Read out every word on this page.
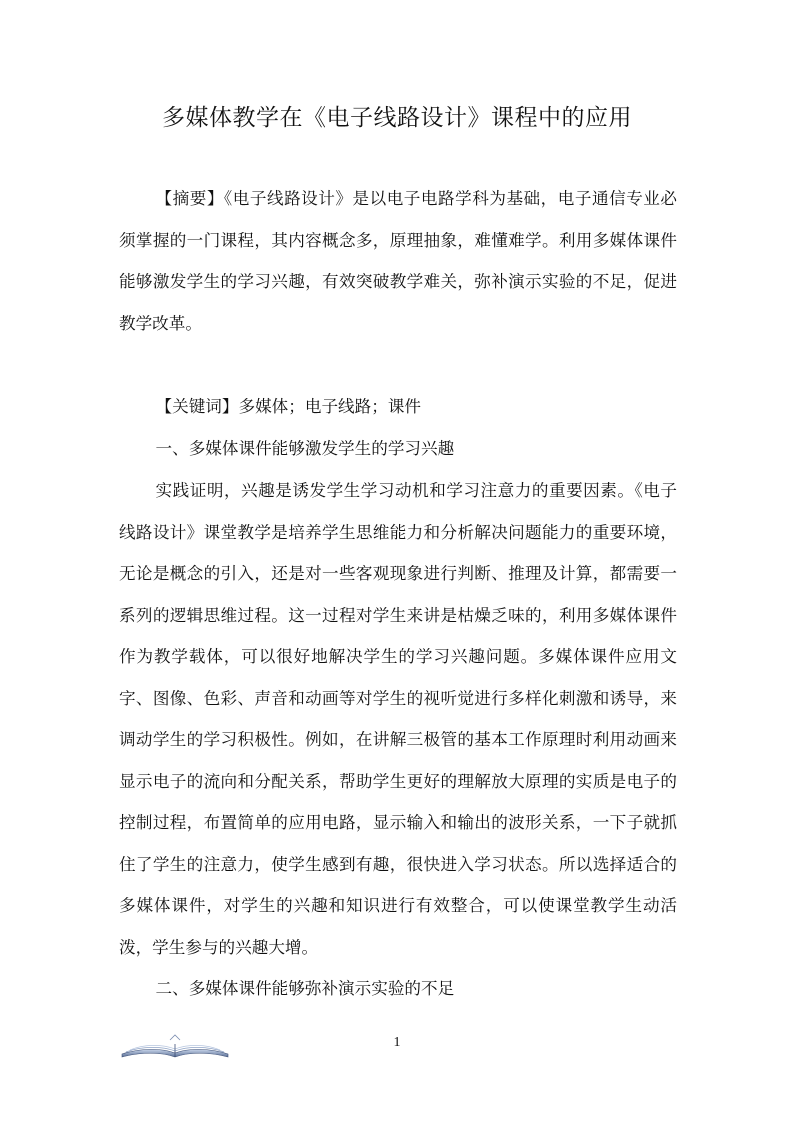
多媒体教学在《电子线路设计》课程中的应用

【摘要】《电子线路设计》是以电子电路学科为基础，电子通信专业必须掌握的一门课程，其内容概念多，原理抽象，难懂难学。利用多媒体课件能够激发学生的学习兴趣，有效突破教学难关，弥补演示实验的不足，促进教学改革。

【关键词】多媒体；电子线路；课件

一、多媒体课件能够激发学生的学习兴趣

实践证明，兴趣是诱发学生学习动机和学习注意力的重要因素。《电子线路设计》课堂教学是培养学生思维能力和分析解决问题能力的重要环境，无论是概念的引入，还是对一些客观现象进行判断、推理及计算，都需要一系列的逻辑思维过程。这一过程对学生来讲是枯燥乏味的，利用多媒体课件作为教学载体，可以很好地解决学生的学习兴趣问题。多媒体课件应用文字、图像、色彩、声音和动画等对学生的视听觉进行多样化刺激和诱导，来调动学生的学习积极性。例如，在讲解三极管的基本工作原理时利用动画来显示电子的流向和分配关系，帮助学生更好的理解放大原理的实质是电子的控制过程，布置简单的应用电路，显示输入和输出的波形关系，一下子就抓住了学生的注意力，使学生感到有趣，很快进入学习状态。所以选择适合的多媒体课件，对学生的兴趣和知识进行有效整合，可以使课堂教学生动活泼，学生参与的兴趣大增。

二、多媒体课件能够弥补演示实验的不足

1
